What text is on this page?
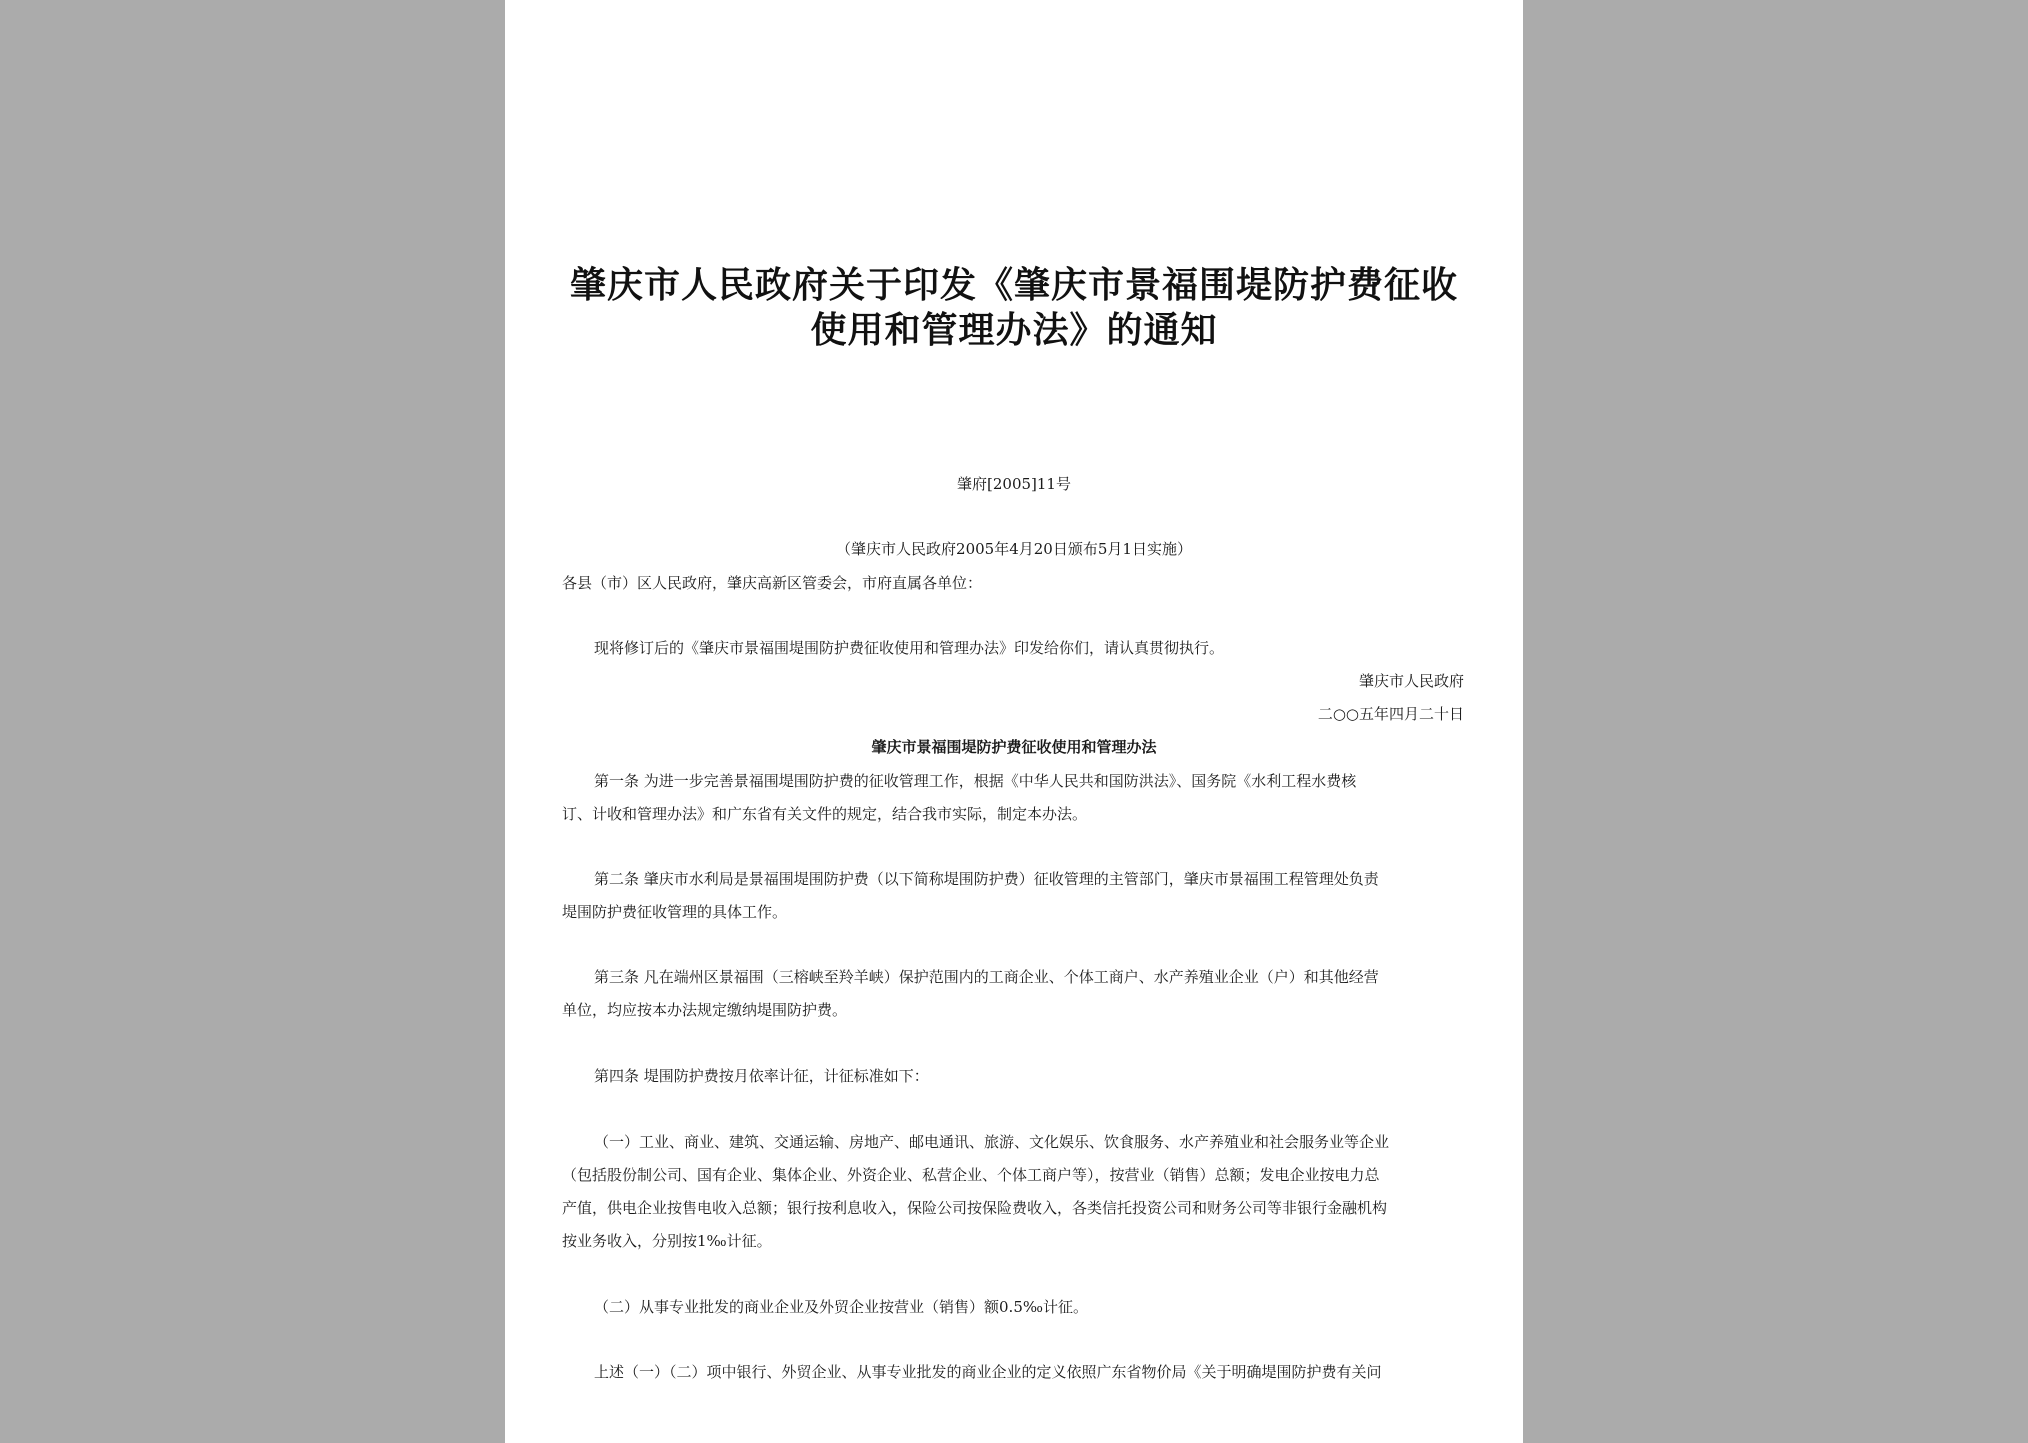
肇庆市人民政府关于印发《肇庆市景福围堤防护费征收
使用和管理办法》的通知
肇府[2005]11号
（肇庆市人民政府2005年4月20日颁布5月1日实施）
各县（市）区人民政府，肇庆高新区管委会，市府直属各单位：
现将修订后的《肇庆市景福围堤围防护费征收使用和管理办法》印发给你们，请认真贯彻执行。
肇庆市人民政府
二○○五年四月二十日
肇庆市景福围堤防护费征收使用和管理办法
第一条 为进一步完善景福围堤围防护费的征收管理工作，根据《中华人民共和国防洪法》、国务院《水利工程水费核
订、计收和管理办法》和广东省有关文件的规定，结合我市实际，制定本办法。
第二条 肇庆市水利局是景福围堤围防护费（以下简称堤围防护费）征收管理的主管部门，肇庆市景福围工程管理处负责
堤围防护费征收管理的具体工作。
第三条 凡在端州区景福围（三榕峡至羚羊峡）保护范围内的工商企业、个体工商户、水产养殖业企业（户）和其他经营
单位，均应按本办法规定缴纳堤围防护费。
第四条 堤围防护费按月依率计征，计征标准如下：
（一）工业、商业、建筑、交通运输、房地产、邮电通讯、旅游、文化娱乐、饮食服务、水产养殖业和社会服务业等企业
（包括股份制公司、国有企业、集体企业、外资企业、私营企业、个体工商户等），按营业（销售）总额；发电企业按电力总
产值，供电企业按售电收入总额；银行按利息收入，保险公司按保险费收入，各类信托投资公司和财务公司等非银行金融机构
按业务收入，分别按1‰计征。
（二）从事专业批发的商业企业及外贸企业按营业（销售）额0.5‰计征。
上述（一）（二）项中银行、外贸企业、从事专业批发的商业企业的定义依照广东省物价局《关于明确堤围防护费有关问
